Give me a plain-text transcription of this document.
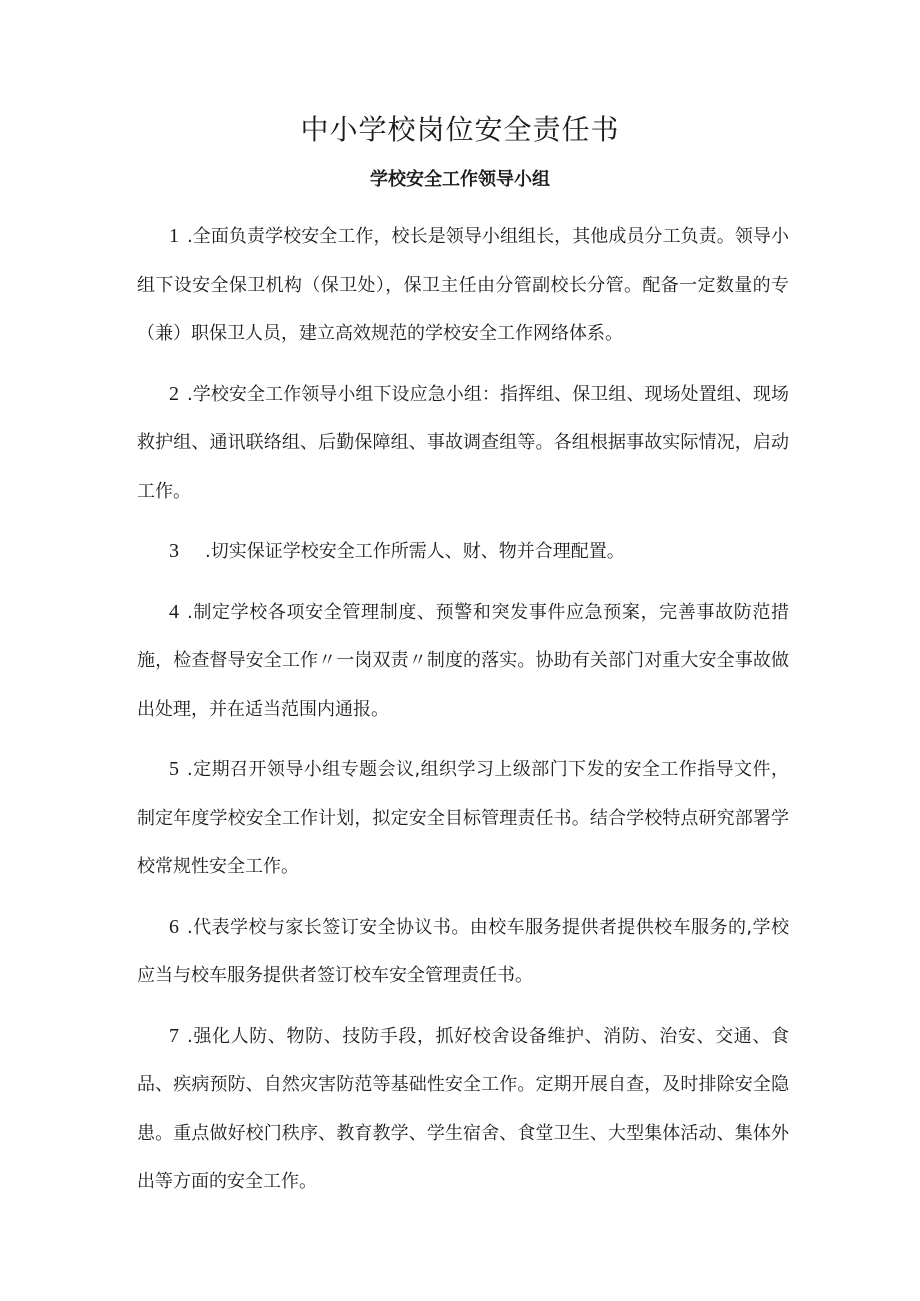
中小学校岗位安全责任书
学校安全工作领导小组

1 .全面负责学校安全工作，校长是领导小组组长，其他成员分工负责。领导小组下设安全保卫机构（保卫处），保卫主任由分管副校长分管。配备一定数量的专（兼）职保卫人员，建立高效规范的学校安全工作网络体系。

2 .学校安全工作领导小组下设应急小组：指挥组、保卫组、现场处置组、现场救护组、通讯联络组、后勤保障组、事故调查组等。各组根据事故实际情况，启动工作。

3 .切实保证学校安全工作所需人、财、物并合理配置。

4 .制定学校各项安全管理制度、预警和突发事件应急预案，完善事故防范措施，检查督导安全工作〃一岗双责〃制度的落实。协助有关部门对重大安全事故做出处理，并在适当范围内通报。

5 .定期召开领导小组专题会议,组织学习上级部门下发的安全工作指导文件，制定年度学校安全工作计划，拟定安全目标管理责任书。结合学校特点研究部署学校常规性安全工作。

6 .代表学校与家长签订安全协议书。由校车服务提供者提供校车服务的,学校应当与校车服务提供者签订校车安全管理责任书。

7 .强化人防、物防、技防手段，抓好校舍设备维护、消防、治安、交通、食品、疾病预防、自然灾害防范等基础性安全工作。定期开展自查，及时排除安全隐患。重点做好校门秩序、教育教学、学生宿舍、食堂卫生、大型集体活动、集体外出等方面的安全工作。
